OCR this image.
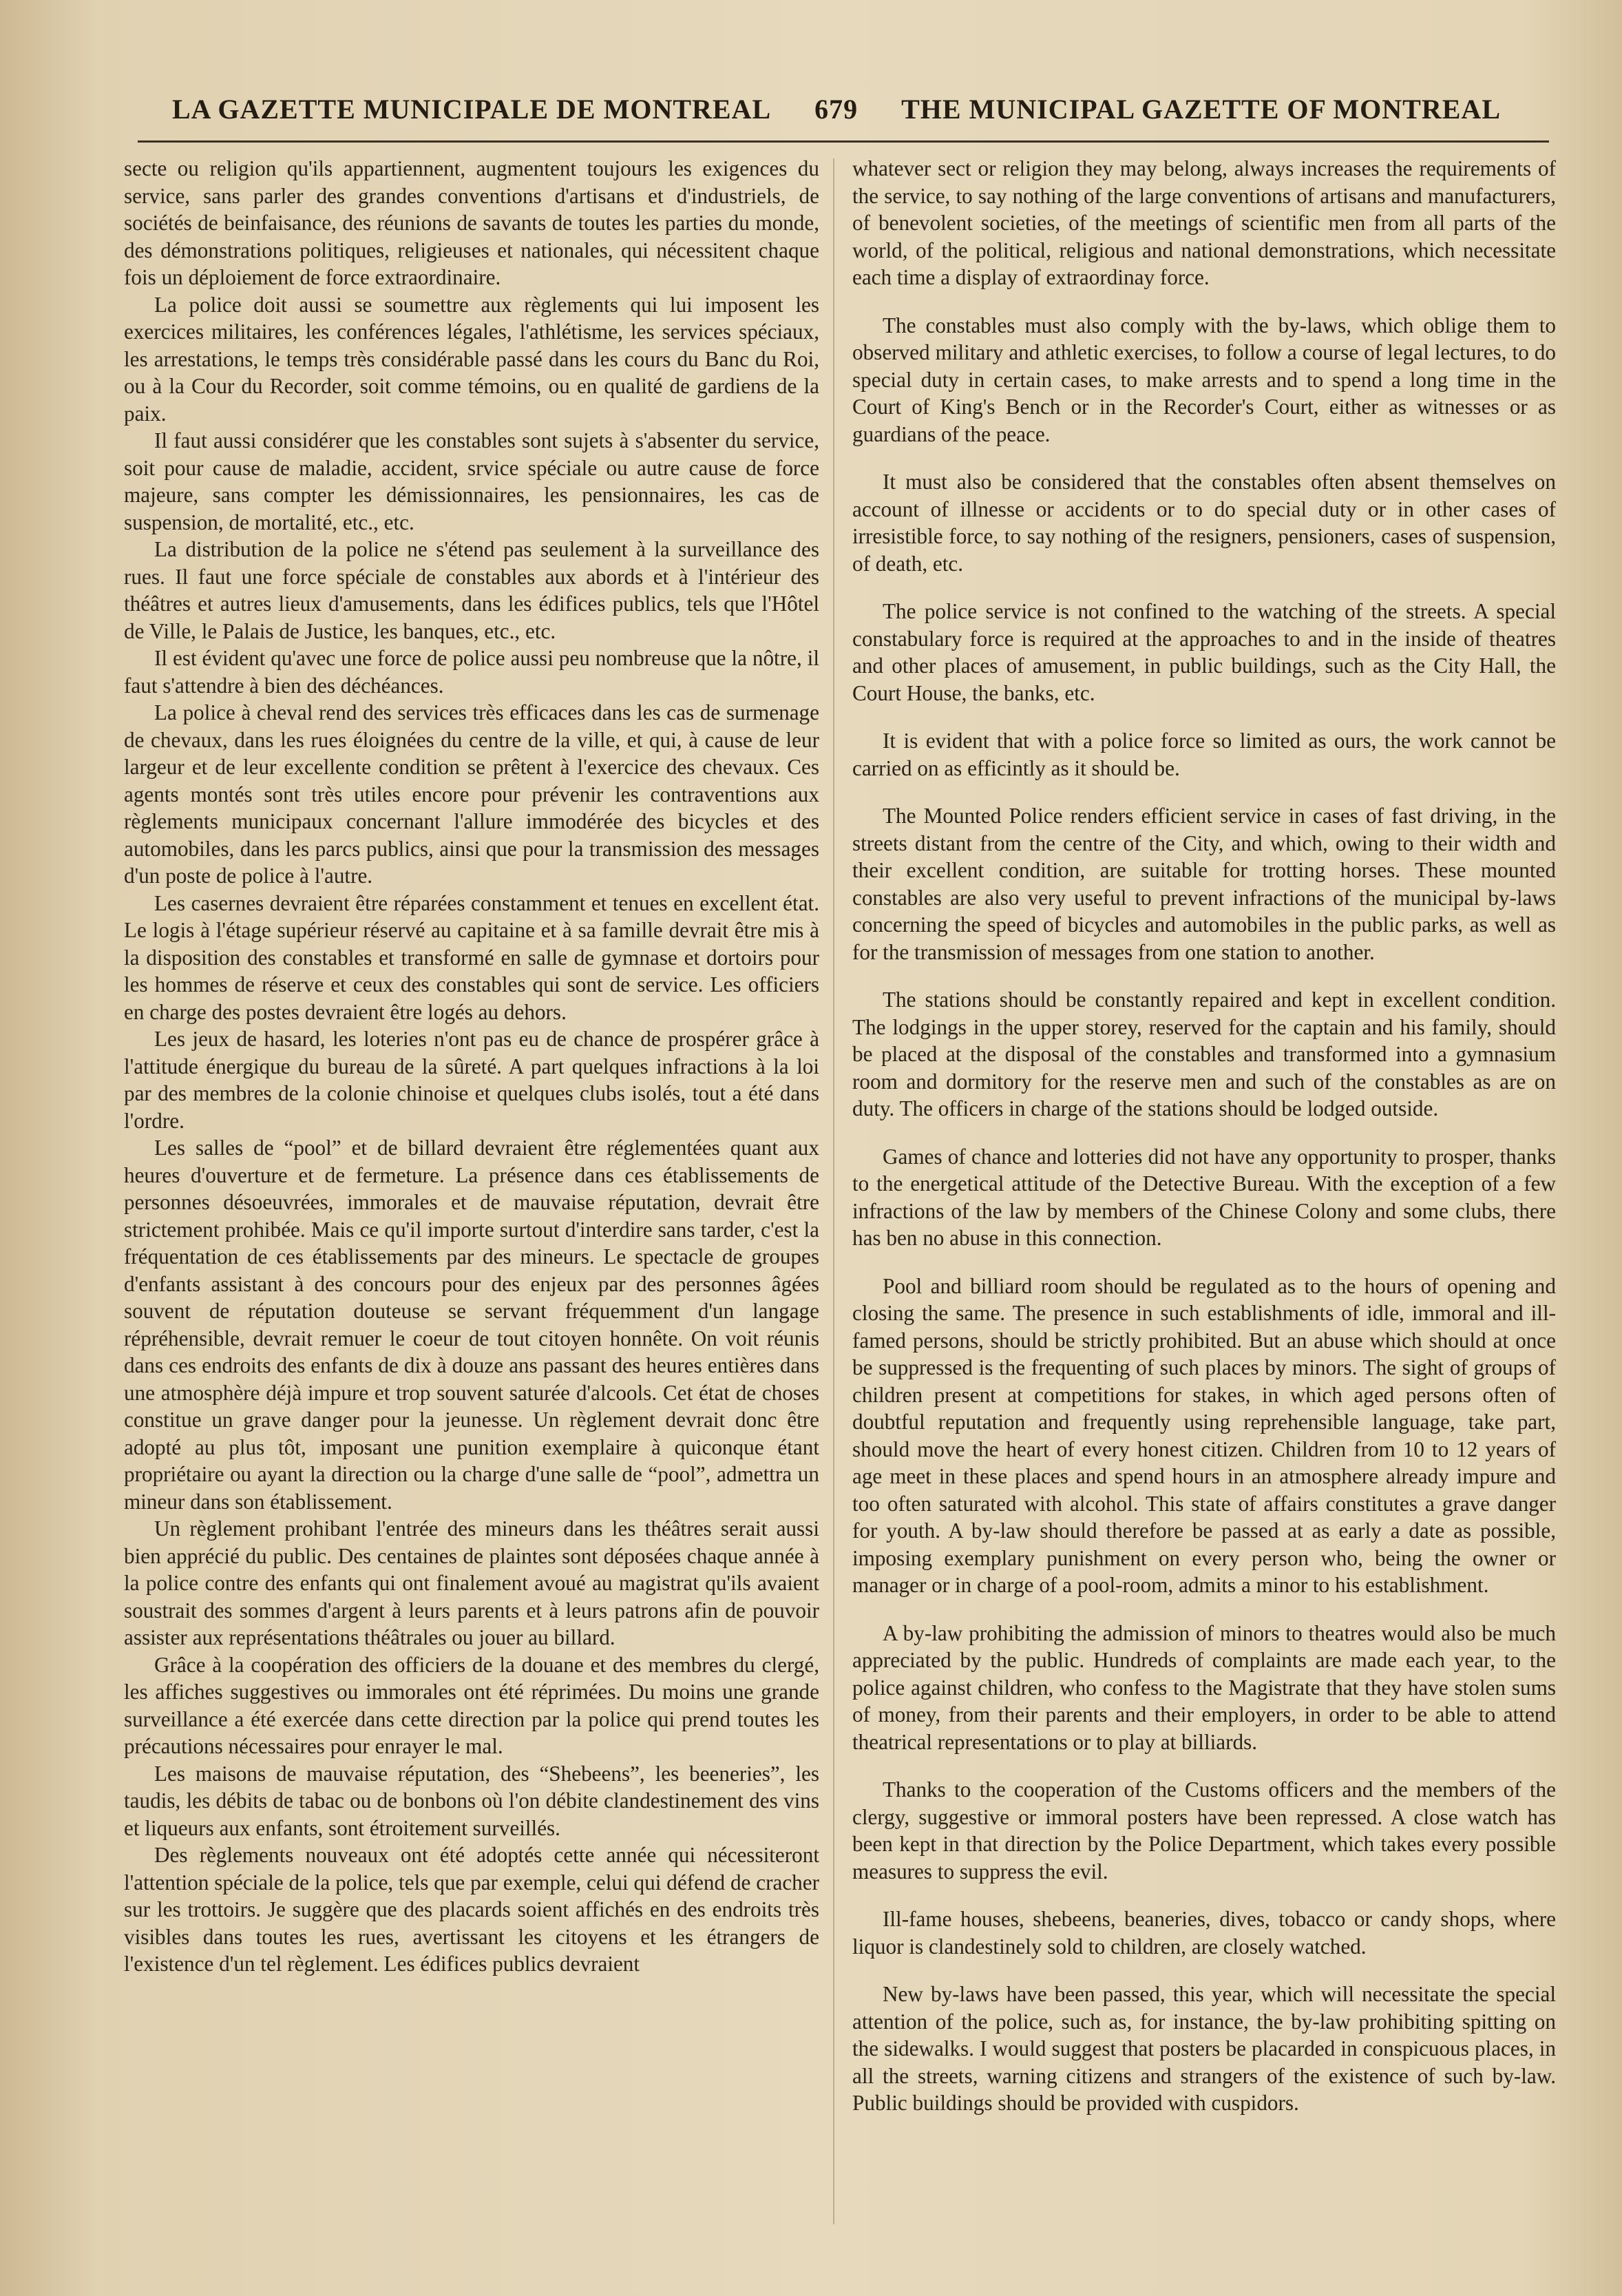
LA GAZETTE MUNICIPALE DE MONTREAL 679 THE MUNICIPAL GAZETTE OF MONTREAL

secte ou religion qu'ils appartiennent, augmentent toujours les exigences du service, sans parler des grandes conventions d'artisans et d'industriels, de sociétés de beinfaisance, des réunions de savants de toutes les parties du monde, des démonstrations politiques, religieuses et nationales, qui nécessitent chaque fois un déploiement de force extraordinaire.

La police doit aussi se soumettre aux règlements qui lui imposent les exercices militaires, les conférences légales, l'athlétisme, les services spéciaux, les arrestations, le temps très considérable passé dans les cours du Banc du Roi, ou à la Cour du Recorder, soit comme témoins, ou en qualité de gardiens de la paix.

Il faut aussi considérer que les constables sont sujets à s'absenter du service, soit pour cause de maladie, accident, srvice spéciale ou autre cause de force majeure, sans compter les démissionnaires, les pensionnaires, les cas de suspension, de mortalité, etc., etc.

La distribution de la police ne s'étend pas seulement à la surveillance des rues. Il faut une force spéciale de constables aux abords et à l'intérieur des théâtres et autres lieux d'amusements, dans les édifices publics, tels que l'Hôtel de Ville, le Palais de Justice, les banques, etc., etc.

Il est évident qu'avec une force de police aussi peu nombreuse que la nôtre, il faut s'attendre à bien des déchéances.

La police à cheval rend des services très efficaces dans les cas de surmenage de chevaux, dans les rues éloignées du centre de la ville, et qui, à cause de leur largeur et de leur excellente condition se prêtent à l'exercice des chevaux. Ces agents montés sont très utiles encore pour prévenir les contraventions aux règlements municipaux concernant l'allure immodérée des bicycles et des automobiles, dans les parcs publics, ainsi que pour la transmission des messages d'un poste de police à l'autre.

Les casernes devraient être réparées constamment et tenues en excellent état. Le logis à l'étage supérieur réservé au capitaine et à sa famille devrait être mis à la disposition des constables et transformé en salle de gymnase et dortoirs pour les hommes de réserve et ceux des constables qui sont de service. Les officiers en charge des postes devraient être logés au dehors.

Les jeux de hasard, les loteries n'ont pas eu de chance de prospérer grâce à l'attitude énergique du bureau de la sûreté. A part quelques infractions à la loi par des membres de la colonie chinoise et quelques clubs isolés, tout a été dans l'ordre.

Les salles de “pool” et de billard devraient être réglementées quant aux heures d'ouverture et de fermeture. La présence dans ces établissements de personnes désoeuvrées, immorales et de mauvaise réputation, devrait être strictement prohibée. Mais ce qu'il importe surtout d'interdire sans tarder, c'est la fréquentation de ces établissements par des mineurs. Le spectacle de groupes d'enfants assistant à des concours pour des enjeux par des personnes âgées souvent de réputation douteuse se servant fréquemment d'un langage répréhensible, devrait remuer le coeur de tout citoyen honnête. On voit réunis dans ces endroits des enfants de dix à douze ans passant des heures entières dans une atmosphère déjà impure et trop souvent saturée d'alcools. Cet état de choses constitue un grave danger pour la jeunesse. Un règlement devrait donc être adopté au plus tôt, imposant une punition exemplaire à quiconque étant propriétaire ou ayant la direction ou la charge d'une salle de “pool”, admettra un mineur dans son établissement.

Un règlement prohibant l'entrée des mineurs dans les théâtres serait aussi bien apprécié du public. Des centaines de plaintes sont déposées chaque année à la police contre des enfants qui ont finalement avoué au magistrat qu'ils avaient soustrait des sommes d'argent à leurs parents et à leurs patrons afin de pouvoir assister aux représentations théâtrales ou jouer au billard.

Grâce à la coopération des officiers de la douane et des membres du clergé, les affiches suggestives ou immorales ont été réprimées. Du moins une grande surveillance a été exercée dans cette direction par la police qui prend toutes les précautions nécessaires pour enrayer le mal.

Les maisons de mauvaise réputation, des “Shebeens”, les beeneries”, les taudis, les débits de tabac ou de bonbons où l'on débite clandestinement des vins et liqueurs aux enfants, sont étroitement surveillés.

Des règlements nouveaux ont été adoptés cette année qui nécessiteront l'attention spéciale de la police, tels que par exemple, celui qui défend de cracher sur les trottoirs. Je suggère que des placards soient affichés en des endroits très visibles dans toutes les rues, avertissant les citoyens et les étrangers de l'existence d'un tel règlement. Les édifices publics devraient

whatever sect or religion they may belong, always increases the requirements of the service, to say nothing of the large conventions of artisans and manufacturers, of benevolent societies, of the meetings of scientific men from all parts of the world, of the political, religious and national demonstrations, which necessitate each time a display of extraordinay force.

The constables must also comply with the by-laws, which oblige them to observed military and athletic exercises, to follow a course of legal lectures, to do special duty in certain cases, to make arrests and to spend a long time in the Court of King's Bench or in the Recorder's Court, either as witnesses or as guardians of the peace.

It must also be considered that the constables often absent themselves on account of illnesse or accidents or to do special duty or in other cases of irresistible force, to say nothing of the resigners, pensioners, cases of suspension, of death, etc.

The police service is not confined to the watching of the streets. A special constabulary force is required at the approaches to and in the inside of theatres and other places of amusement, in public buildings, such as the City Hall, the Court House, the banks, etc.

It is evident that with a police force so limited as ours, the work cannot be carried on as efficintly as it should be.

The Mounted Police renders efficient service in cases of fast driving, in the streets distant from the centre of the City, and which, owing to their width and their excellent condition, are suitable for trotting horses. These mounted constables are also very useful to prevent infractions of the municipal by-laws concerning the speed of bicycles and automobiles in the public parks, as well as for the transmission of messages from one station to another.

The stations should be constantly repaired and kept in excellent condition. The lodgings in the upper storey, reserved for the captain and his family, should be placed at the disposal of the constables and transformed into a gymnasium room and dormitory for the reserve men and such of the constables as are on duty. The officers in charge of the stations should be lodged outside.

Games of chance and lotteries did not have any opportunity to prosper, thanks to the energetical attitude of the Detective Bureau. With the exception of a few infractions of the law by members of the Chinese Colony and some clubs, there has ben no abuse in this connection.

Pool and billiard room should be regulated as to the hours of opening and closing the same. The presence in such establishments of idle, immoral and ill-famed persons, should be strictly prohibited. But an abuse which should at once be suppressed is the frequenting of such places by minors. The sight of groups of children present at competitions for stakes, in which aged persons often of doubtful reputation and frequently using reprehensible language, take part, should move the heart of every honest citizen. Children from 10 to 12 years of age meet in these places and spend hours in an atmosphere already impure and too often saturated with alcohol. This state of affairs constitutes a grave danger for youth. A by-law should therefore be passed at as early a date as possible, imposing exemplary punishment on every person who, being the owner or manager or in charge of a pool-room, admits a minor to his establishment.

A by-law prohibiting the admission of minors to theatres would also be much appreciated by the public. Hundreds of complaints are made each year, to the police against children, who confess to the Magistrate that they have stolen sums of money, from their parents and their employers, in order to be able to attend theatrical representations or to play at billiards.

Thanks to the cooperation of the Customs officers and the members of the clergy, suggestive or immoral posters have been repressed. A close watch has been kept in that direction by the Police Department, which takes every possible measures to suppress the evil.

Ill-fame houses, shebeens, beaneries, dives, tobacco or candy shops, where liquor is clandestinely sold to children, are closely watched.

New by-laws have been passed, this year, which will necessitate the special attention of the police, such as, for instance, the by-law prohibiting spitting on the sidewalks. I would suggest that posters be placarded in conspicuous places, in all the streets, warning citizens and strangers of the existence of such by-law. Public buildings should be provided with cuspidors.
